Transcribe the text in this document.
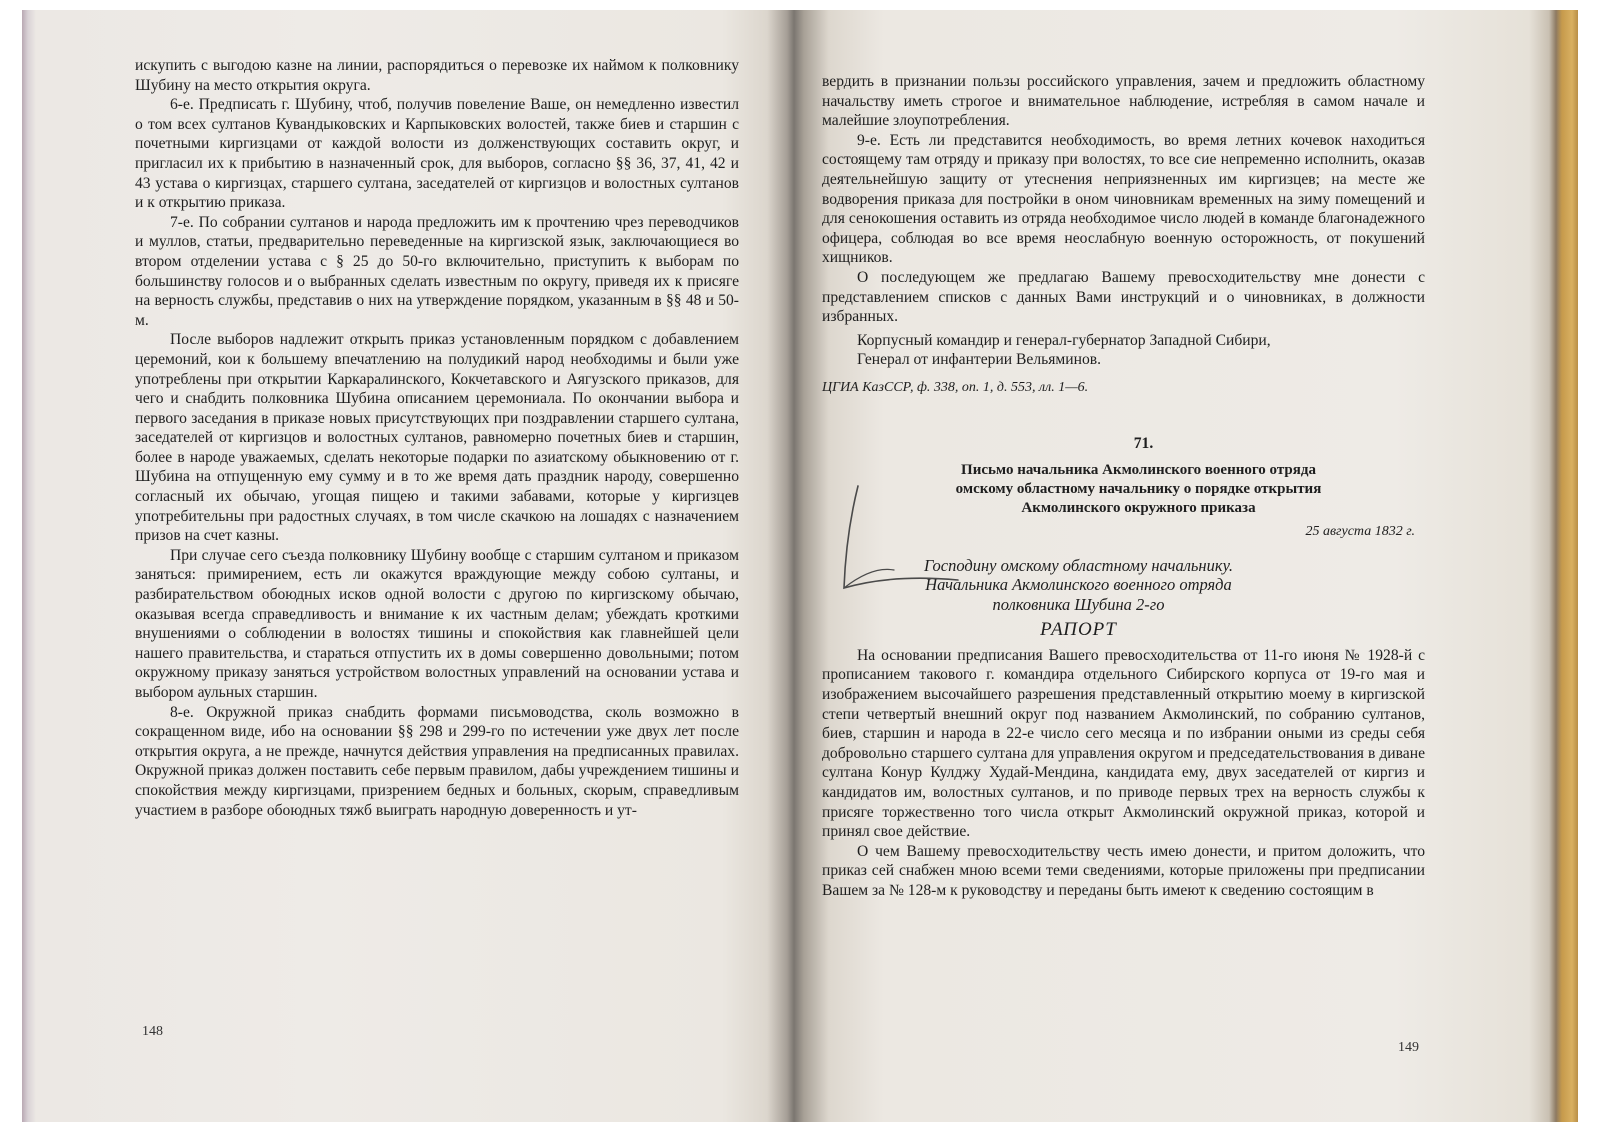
искупить с выгодою казне на линии, распорядиться о перевозке их наймом к полковнику Шубину на место открытия округа.

6-е. Предписать г. Шубину, чтоб, получив повеление Ваше, он немедленно известил о том всех султанов Кувандыковских и Карпыковских волостей, также биев и старшин с почетными киргизцами от каждой волости из долженствующих составить округ, и пригласил их к прибытию в назначенный срок, для выборов, согласно §§ 36, 37, 41, 42 и 43 устава о киргизцах, старшего султана, заседателей от киргизцов и волостных султанов и к открытию приказа.

7-е. По собрании султанов и народа предложить им к прочтению чрез переводчиков и муллов, статьи, предварительно переведенные на киргизской язык, заключающиеся во втором отделении устава с § 25 до 50-го включительно, приступить к выборам по большинству голосов и о выбранных сделать известным по округу, приведя их к присяге на верность службы, представив о них на утверждение порядком, указанным в §§ 48 и 50-м.

После выборов надлежит открыть приказ установленным порядком с добавлением церемоний, кои к большему впечатлению на полудикий народ необходимы и были уже употреблены при открытии Каркаралинского, Кокчетавского и Аягузского приказов, для чего и снабдить полковника Шубина описанием церемониала. По окончании выбора и первого заседания в приказе новых присутствующих при поздравлении старшего султана, заседателей от киргизцов и волостных султанов, равномерно почетных биев и старшин, более в народе уважаемых, сделать некоторые подарки по азиатскому обыкновению от г. Шубина на отпущенную ему сумму и в то же время дать праздник народу, совершенно согласный их обычаю, угощая пищею и такими забавами, которые у киргизцев употребительны при радостных случаях, в том числе скачкою на лошадях с назначением призов на счет казны.

При случае сего съезда полковнику Шубину вообще с старшим султаном и приказом заняться: примирением, есть ли окажутся враждующие между собою султаны, и разбирательством обоюдных исков одной волости с другою по киргизскому обычаю, оказывая всегда справедливость и внимание к их частным делам; убеждать кроткими внушениями о соблюдении в волостях тишины и спокойствия как главнейшей цели нашего правительства, и стараться отпустить их в домы совершенно довольными; потом окружному приказу заняться устройством волостных управлений на основании устава и выбором аульных старшин.

8-е. Окружной приказ снабдить формами письмоводства, сколь возможно в сокращенном виде, ибо на основании §§ 298 и 299-го по истечении уже двух лет после открытия округа, а не прежде, начнутся действия управления на предписанных правилах. Окружной приказ должен поставить себе первым правилом, дабы учреждением тишины и спокойствия между киргизцами, призрением бедных и больных, скорым, справедливым участием в разборе обоюдных тяжб выиграть народную доверенность и ут-

148

вердить в признании пользы российского управления, зачем и предложить областному начальству иметь строгое и внимательное наблюдение, истребляя в самом начале и малейшие злоупотребления.

9-е. Есть ли представится необходимость, во время летних кочевок находиться состоящему там отряду и приказу при волостях, то все сие непременно исполнить, оказав деятельнейшую защиту от утеснения неприязненных им киргизцев; на месте же водворения приказа для постройки в оном чиновникам временных на зиму помещений и для сенокошения оставить из отряда необходимое число людей в команде благонадежного офицера, соблюдая во все время неослабную военную осторожность, от покушений хищников.

О последующем же предлагаю Вашему превосходительству мне донести с представлением списков с данных Вами инструкций и о чиновниках, в должности избранных.

Корпусный командир и генерал-губернатор Западной Сибири,

Генерал от инфантерии Вельяминов.

ЦГИА КазССР, ф. 338, оп. 1, д. 553, лл. 1—6.

71.

Письмо начальника Акмолинского военного отряда
омскому областному начальнику о порядке открытия
Акмолинского окружного приказа

25 августа 1832 г.

Господину омскому областному начальнику.
Начальника Акмолинского военного отряда
полковника Шубина 2-го

РАПОРТ

На основании предписания Вашего превосходительства от 11-го июня № 1928-й с прописанием такового г. командира отдельного Сибирского корпуса от 19-го мая и изображением высочайшего разрешения представленный открытию моему в киргизской степи четвертый внешний округ под названием Акмолинский, по собранию султанов, биев, старшин и народа в 22-е число сего месяца и по избрании оными из среды себя добровольно старшего султана для управления округом и председательствования в диване султана Конур Кулджу Худай-Мендина, кандидата ему, двух заседателей от киргиз и кандидатов им, волостных султанов, и по приводе первых трех на верность службы к присяге торжественно того числа открыт Акмолинский окружной приказ, которой и принял свое действие.

О чем Вашему превосходительству честь имею донести, и притом доложить, что приказ сей снабжен мною всеми теми сведениями, которые приложены при предписании Вашем за № 128-м к руководству и переданы быть имеют к сведению состоящим в

149
